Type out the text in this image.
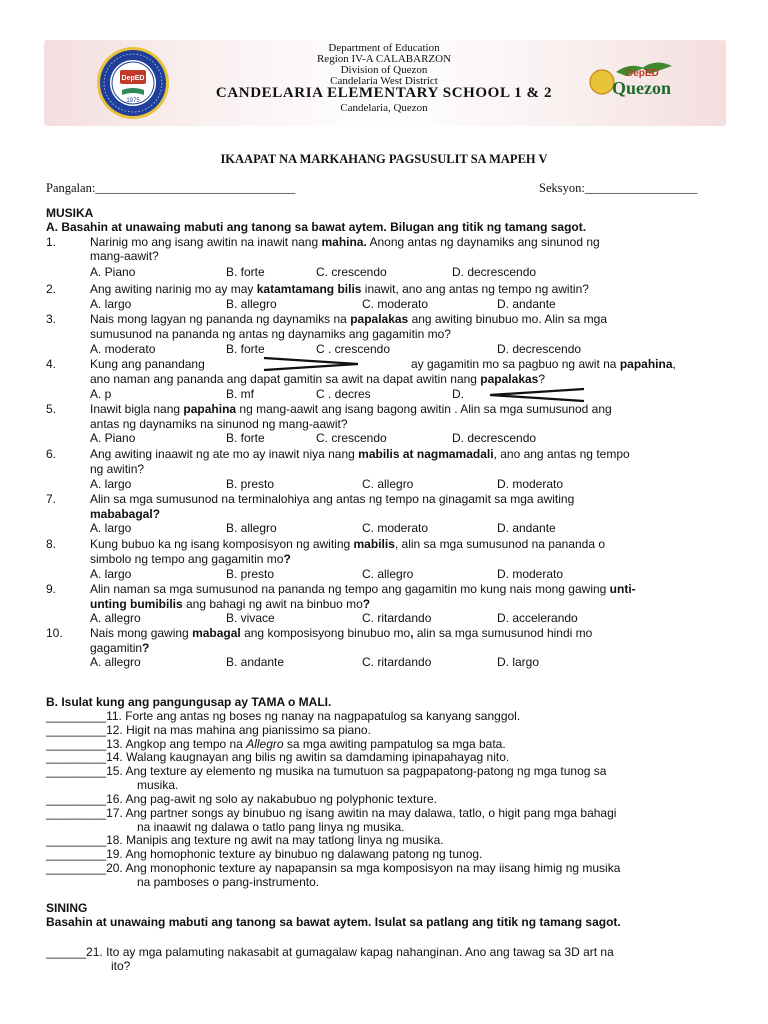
DepED
1975
DepED
Quezon
Department of Education
Region IV-A CALABARZON
Division of Quezon
Candelaria West District
CANDELARIA ELEMENTARY SCHOOL 1 & 2
Candelaria, Quezon
IKAAPAT NA MARKAHANG PAGSUSULIT SA MAPEH V
Pangalan:________________________________	Seksyon:__________________
MUSIKA
A. Basahin at unawaing mabuti ang tanong sa bawat aytem. Bilugan ang titik ng tamang sagot.
1.	Narinig mo ang isang awitin na inawit nang mahina. Anong antas ng daynamiks ang sinunod ng
mang-aawit?
A. Piano	B. forte	C. crescendo	D. decrescendo
2.	Ang awiting narinig mo ay may katamtamang bilis inawit, ano ang antas ng tempo ng awitin?
A. largo	B. allegro	C. moderato	D. andante
3.	Nais mong lagyan ng pananda ng daynamiks na papalakas ang awiting binubuo mo. Alin sa mga
sumusunod na pananda ng antas ng daynamiks ang gagamitin mo?
A. moderato	B. forte	C . crescendo	D. decrescendo
4.	Kung ang panandang	ay gagamitin mo sa pagbuo ng awit na papahina,
ano naman ang pananda ang dapat gamitin sa awit na dapat awitin nang papalakas?
A. p	B. mf	C . decres	D.
5.	Inawit bigla nang papahina ng mang-aawit ang isang bagong awitin . Alin sa mga sumusunod ang
antas ng daynamiks na sinunod ng mang-aawit?
A. Piano	B. forte	C. crescendo	D. decrescendo
6.	Ang awiting inaawit ng ate mo ay inawit niya nang mabilis at nagmamadali, ano ang antas ng tempo
ng awitin?
A. largo	B. presto	C. allegro	D. moderato
7.	Alin sa mga sumusunod na terminalohiya ang antas ng tempo na ginagamit sa mga awiting
mababagal?
A. largo	B. allegro	C. moderato	D. andante
8.	Kung bubuo ka ng isang komposisyon ng awiting mabilis, alin sa mga sumusunod na pananda o
simbolo ng tempo ang gagamitin mo?
A. largo	B. presto	C. allegro	D. moderato
9.	Alin naman sa mga sumusunod na pananda ng tempo ang gagamitin mo kung nais mong gawing unti-
unting bumibilis ang bahagi ng awit na binbuo mo?
A. allegro	B. vivace	C. ritardando	D. accelerando
10. Nais mong gawing mabagal ang komposisyong binubuo mo, alin sa mga sumusunod hindi mo
gagamitin?
A. allegro	B. andante	C. ritardando	D. largo
B. Isulat kung ang pangungusap ay TAMA o MALI.
_________11. Forte ang antas ng boses ng nanay na nagpapatulog sa kanyang sanggol.
_________12. Higit na mas mahina ang pianissimo sa piano.
_________13. Angkop ang tempo na Allegro sa mga awiting pampatulog sa mga bata.
_________14. Walang kaugnayan ang bilis ng awitin sa damdaming ipinapahayag nito.
_________15. Ang texture ay elemento ng musika na tumutuon sa pagpapatong-patong ng mga tunog sa
musika.
_________16. Ang pag-awit ng solo ay nakabubuo ng polyphonic texture.
_________17. Ang partner songs ay binubuo ng isang awitin na may dalawa, tatlo, o higit pang mga bahagi
na inaawit ng dalawa o tatlo pang linya ng musika.
_________18. Manipis ang texture ng awit na may tatlong linya ng musika.
_________19. Ang homophonic texture ay binubuo ng dalawang patong ng tunog.
_________20. Ang monophonic texture ay napapansin sa mga komposisyon na may iisang himig ng musika
na pamboses o pang-instrumento.
SINING
Basahin at unawaing mabuti ang tanong sa bawat aytem. Isulat sa patlang ang titik ng tamang sagot.
______21. Ito ay mga palamuting nakasabit at gumagalaw kapag nahanginan. Ano ang tawag sa 3D art na
ito?
